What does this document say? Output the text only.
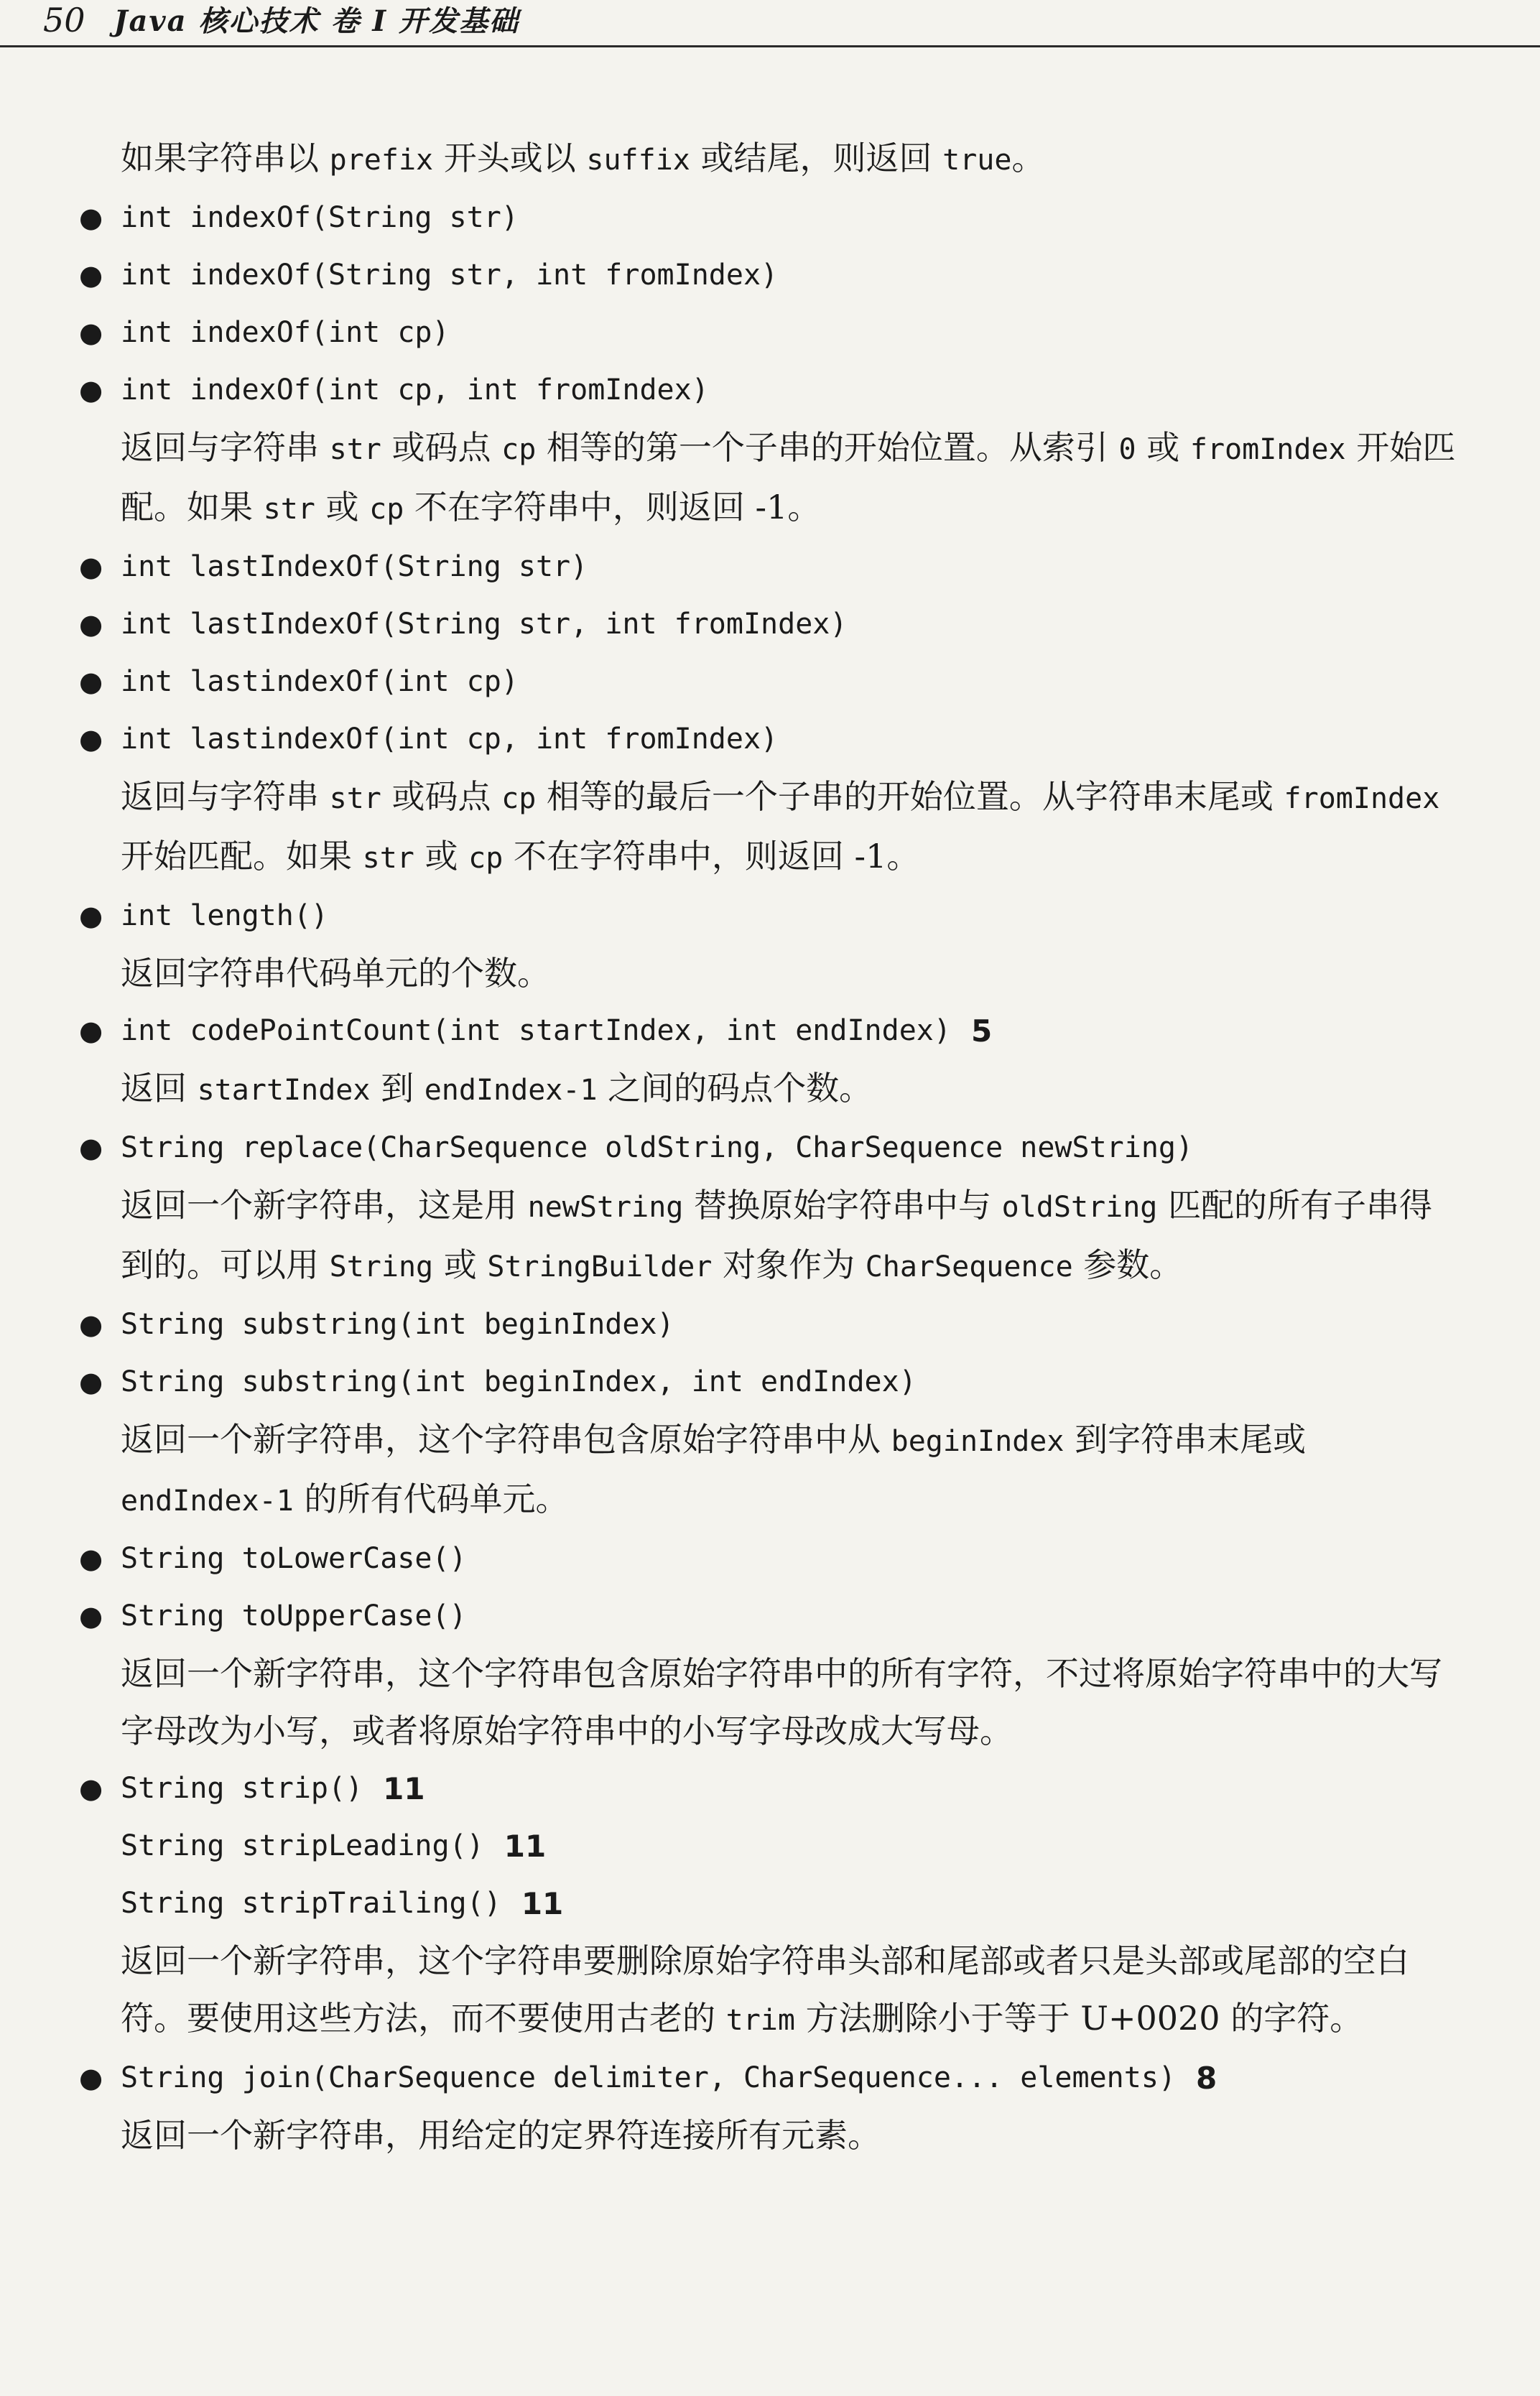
50 Java 核心技术 卷 I 开发基础
如果字符串以 prefix 开头或以 suffix 或结尾，则返回 true。
● int indexOf(String str)
● int indexOf(String str, int fromIndex)
● int indexOf(int cp)
● int indexOf(int cp, int fromIndex)
返回与字符串 str 或码点 cp 相等的第一个子串的开始位置。从索引 0 或 fromIndex 开始匹配。如果 str 或 cp 不在字符串中，则返回 -1。
● int lastIndexOf(String str)
● int lastIndexOf(String str, int fromIndex)
● int lastindexOf(int cp)
● int lastindexOf(int cp, int fromIndex)
返回与字符串 str 或码点 cp 相等的最后一个子串的开始位置。从字符串末尾或 fromIndex 开始匹配。如果 str 或 cp 不在字符串中，则返回 -1。
● int length()
返回字符串代码单元的个数。
● int codePointCount(int startIndex, int endIndex) 5
返回 startIndex 到 endIndex-1 之间的码点个数。
● String replace(CharSequence oldString, CharSequence newString)
返回一个新字符串，这是用 newString 替换原始字符串中与 oldString 匹配的所有子串得到的。可以用 String 或 StringBuilder 对象作为 CharSequence 参数。
● String substring(int beginIndex)
● String substring(int beginIndex, int endIndex)
返回一个新字符串，这个字符串包含原始字符串中从 beginIndex 到字符串末尾或 endIndex-1 的所有代码单元。
● String toLowerCase()
● String toUpperCase()
返回一个新字符串，这个字符串包含原始字符串中的所有字符，不过将原始字符串中的大写字母改为小写，或者将原始字符串中的小写字母改成大写母。
● String strip() 11
String stripLeading() 11
String stripTrailing() 11
返回一个新字符串，这个字符串要删除原始字符串头部和尾部或者只是头部或尾部的空白符。要使用这些方法，而不要使用古老的 trim 方法删除小于等于 U+0020 的字符。
● String join(CharSequence delimiter, CharSequence... elements) 8
返回一个新字符串，用给定的定界符连接所有元素。
